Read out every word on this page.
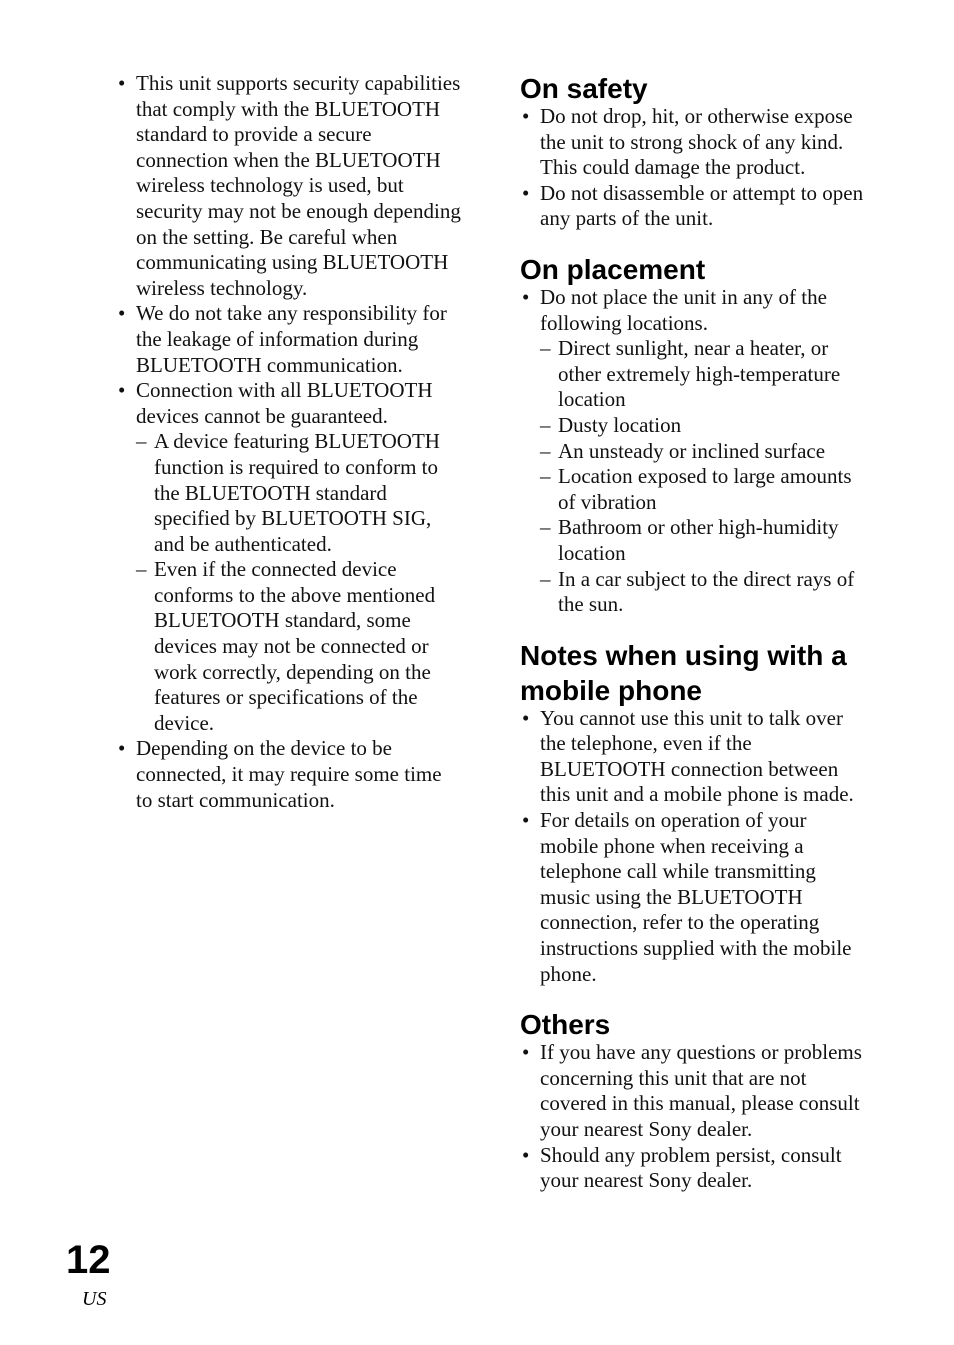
• This unit supports security capabilities that comply with the BLUETOOTH standard to provide a secure connection when the BLUETOOTH wireless technology is used, but security may not be enough depending on the setting. Be careful when communicating using BLUETOOTH wireless technology.
• We do not take any responsibility for the leakage of information during BLUETOOTH communication.
• Connection with all BLUETOOTH devices cannot be guaranteed.
– A device featuring BLUETOOTH function is required to conform to the BLUETOOTH standard specified by BLUETOOTH SIG, and be authenticated.
– Even if the connected device conforms to the above mentioned BLUETOOTH standard, some devices may not be connected or work correctly, depending on the features or specifications of the device.
• Depending on the device to be connected, it may require some time to start communication.
On safety
• Do not drop, hit, or otherwise expose the unit to strong shock of any kind. This could damage the product.
• Do not disassemble or attempt to open any parts of the unit.
On placement
• Do not place the unit in any of the following locations.
– Direct sunlight, near a heater, or other extremely high-temperature location
– Dusty location
– An unsteady or inclined surface
– Location exposed to large amounts of vibration
– Bathroom or other high-humidity location
– In a car subject to the direct rays of the sun.
Notes when using with a mobile phone
• You cannot use this unit to talk over the telephone, even if the BLUETOOTH connection between this unit and a mobile phone is made.
• For details on operation of your mobile phone when receiving a telephone call while transmitting music using the BLUETOOTH connection, refer to the operating instructions supplied with the mobile phone.
Others
• If you have any questions or problems concerning this unit that are not covered in this manual, please consult your nearest Sony dealer.
• Should any problem persist, consult your nearest Sony dealer.
12
US
